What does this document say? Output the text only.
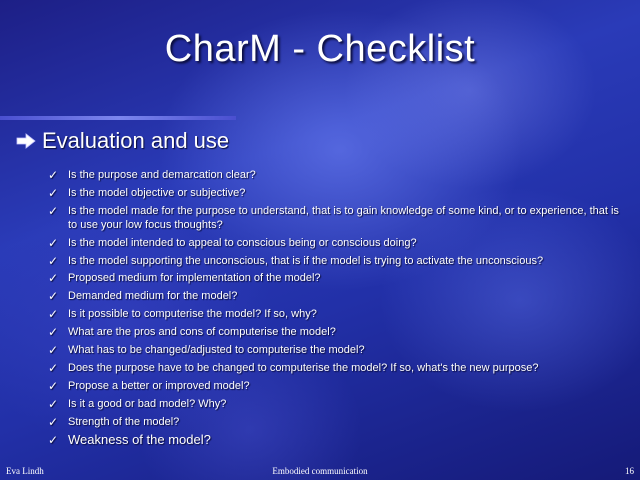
CharM - Checklist
Evaluation and use
✓ Is the purpose and demarcation clear?
✓ Is the model objective or subjective?
✓ Is the model made for the purpose to understand, that is to gain knowledge of some kind, or to experience, that is to use your low focus thoughts?
✓ Is the model intended to appeal to conscious being or conscious doing?
✓ Is the model supporting the unconscious, that is if the model is trying to activate the unconscious?
✓ Proposed medium for implementation of the model?
✓ Demanded medium for the model?
✓ Is it possible to computerise the model? If so, why?
✓ What are the pros and cons of computerise the model?
✓ What has to be changed/adjusted to computerise the model?
✓ Does the purpose have to be changed to computerise the model? If so, what's the new purpose?
✓ Propose a better or improved model?
✓ Is it a good or bad model? Why?
✓ Strength of the model?
✓ Weakness of the model?
Eva Lindh	Embodied communication	16
